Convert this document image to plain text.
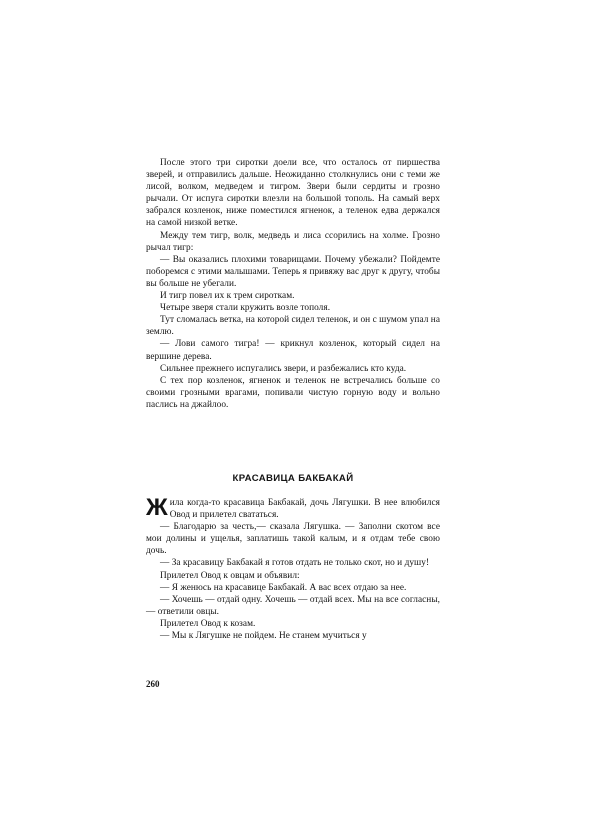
После этого три сиротки доели все, что осталось от пиршества зверей, и отправились дальше. Неожиданно столкнулись они с теми же лисой, волком, медведем и тигром. Звери были сердиты и грозно рычали. От испуга сиротки влезли на большой тополь. На самый верх забрался козленок, ниже поместился ягненок, а теленок едва держался на самой низкой ветке.

Между тем тигр, волк, медведь и лиса ссорились на холме. Грозно рычал тигр:

— Вы оказались плохими товарищами. Почему убежали? Пойдемте поборемся с этими малышами. Теперь я привяжу вас друг к другу, чтобы вы больше не убегали.

И тигр повел их к трем сироткам.

Четыре зверя стали кружить возле тополя.

Тут сломалась ветка, на которой сидел теленок, и он с шумом упал на землю.

— Лови самого тигра! — крикнул козленок, который сидел на вершине дерева.

Сильнее прежнего испугались звери, и разбежались кто куда.

С тех пор козленок, ягненок и теленок не встречались больше со своими грозными врагами, попивали чистую горную воду и вольно паслись на джайлоо.

КРАСАВИЦА БАКБАКАЙ

Жила когда-то красавица Бакбакай, дочь Лягушки. В нее влюбился Овод и прилетел свататься.

— Благодарю за честь,— сказала Лягушка. — Заполни скотом все мои долины и ущелья, заплатишь такой калым, и я отдам тебе свою дочь.

— За красавицу Бакбакай я готов отдать не только скот, но и душу!

Прилетел Овод к овцам и объявил:

— Я женюсь на красавице Бакбакай. А вас всех отдаю за нее.

— Хочешь — отдай одну. Хочешь — отдай всех. Мы на все согласны,— ответили овцы.

Прилетел Овод к козам.

— Мы к Лягушке не пойдем. Не станем мучиться у

260
